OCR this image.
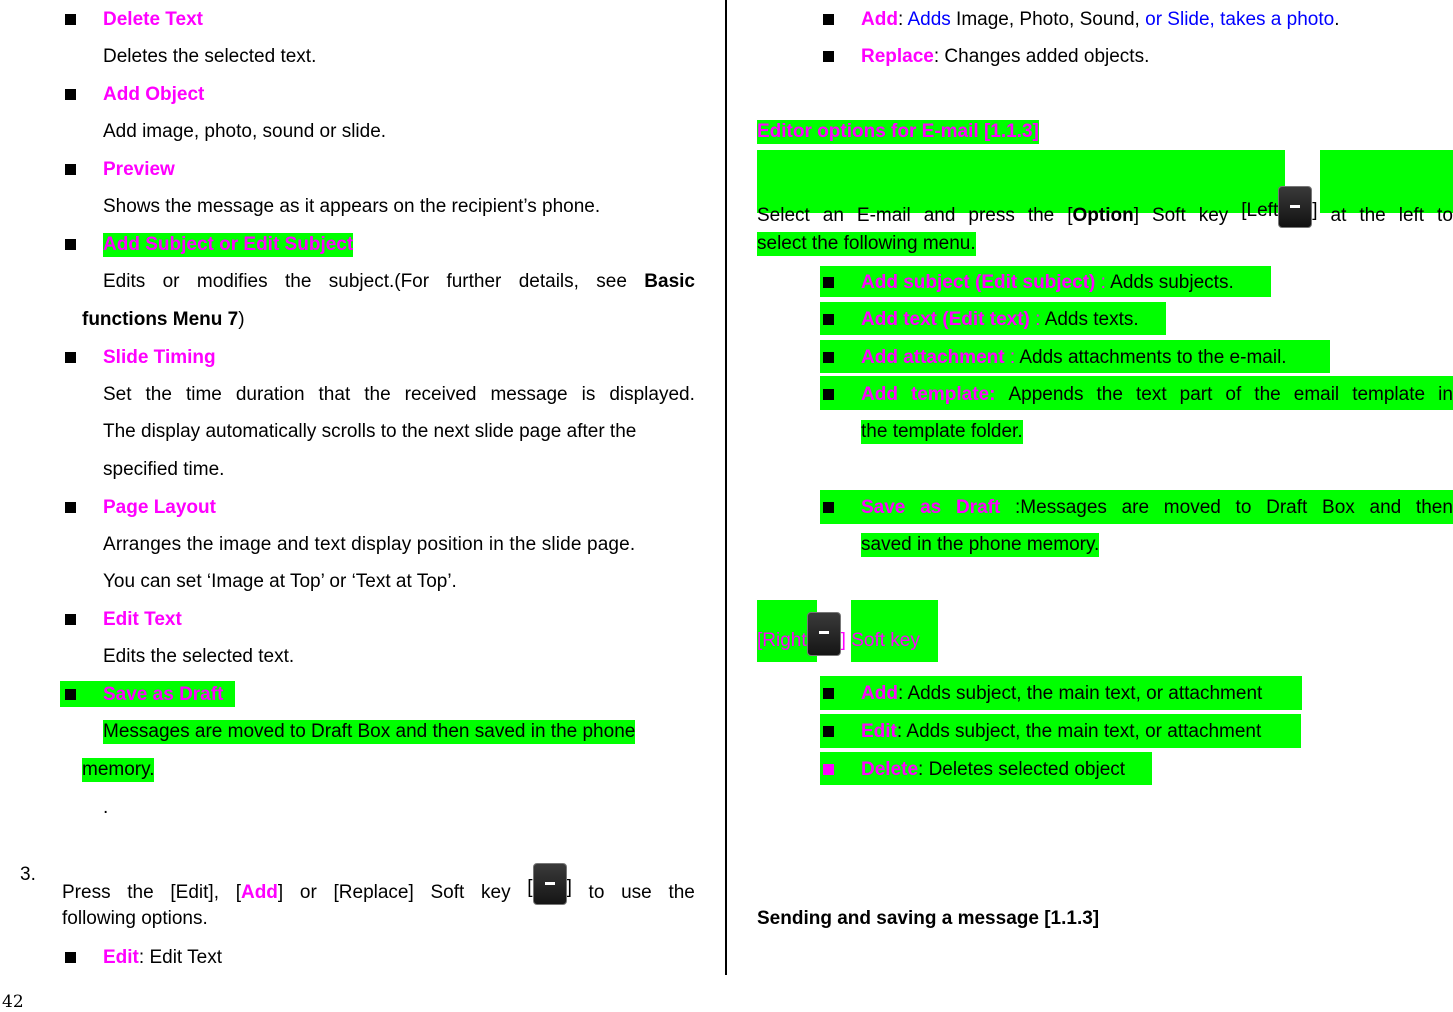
Delete Text
Deletes the selected text.
Add Object
Add image, photo, sound or slide.
Preview
Shows the message as it appears on the recipient’s phone.
Add Subject or Edit Subject
Edits or modifies the subject.(For further details, see Basic
functions Menu 7)
Slide Timing
Set the time duration that the received message is displayed.
The display automatically scrolls to the next slide page after the
specified time.
Page Layout
Arranges the image and text display position in the slide page.
You can set ‘Image at Top’ or ‘Text at Top’.
Edit Text
Edits the selected text.
Save as Draft
Messages are moved to Draft Box and then saved in the phone
memory.
.
3.
Press the [Edit], [Add] or [Replace] Soft key [ ] to use the
following options.
Edit: Edit Text
42
Add: Adds Image, Photo, Sound, or Slide, takes a photo.
Replace: Changes added objects.
Editor options for E-mail [1.1.3]
Select an E-mail and press the [Option] Soft key [Left ] at the left to
select the following menu.
Add subject (Edit subject) : Adds subjects.
Add text (Edit text) : Adds texts.
Add attachment : Adds attachments to the e-mail.
Add template: Appends the text part of the email template in
the template folder.
Save as Draft :Messages are moved to Draft Box and then
saved in the phone memory.
[Right ] Soft key
Add: Adds subject, the main text, or attachment
Edit: Adds subject, the main text, or attachment
Delete: Deletes selected object
Sending and saving a message [1.1.3]
